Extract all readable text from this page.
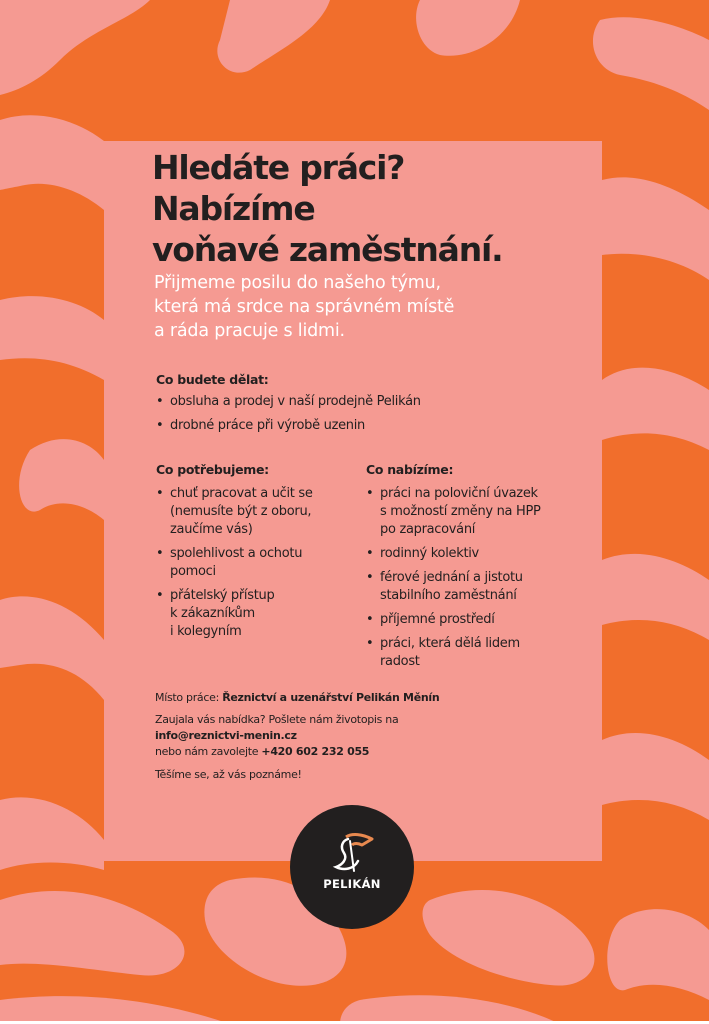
Hledáte práci?
Nabízíme
voňavé zaměstnání.

Přijmeme posilu do našeho týmu,
která má srdce na správném místě
a ráda pracuje s lidmi.

Co budete dělat:
• obsluha a prodej v naší prodejně Pelikán
• drobné práce při výrobě uzenin
Co potřebujeme:
• chuť pracovat a učit se
(nemusíte být z oboru,
zaučíme vás)
• spolehlivost a ochotu
pomoci
• přátelský přístup
k zákazníkům
i kolegyním
Co nabízíme:
• práci na poloviční úvazek
s možností změny na HPP
po zapracování
• rodinný kolektiv
• férové jednání a jistotu
stabilního zaměstnání
• příjemné prostředí
• práci, která dělá lidem
radost

Místo práce: Řeznictví a uzenářství Pelikán Měnín

Zaujala vás nabídka? Pošlete nám životopis na
info@reznictvi-menin.cz
nebo nám zavolejte +420 602 232 055

Těšíme se, až vás poznáme!

PELIKÁN
